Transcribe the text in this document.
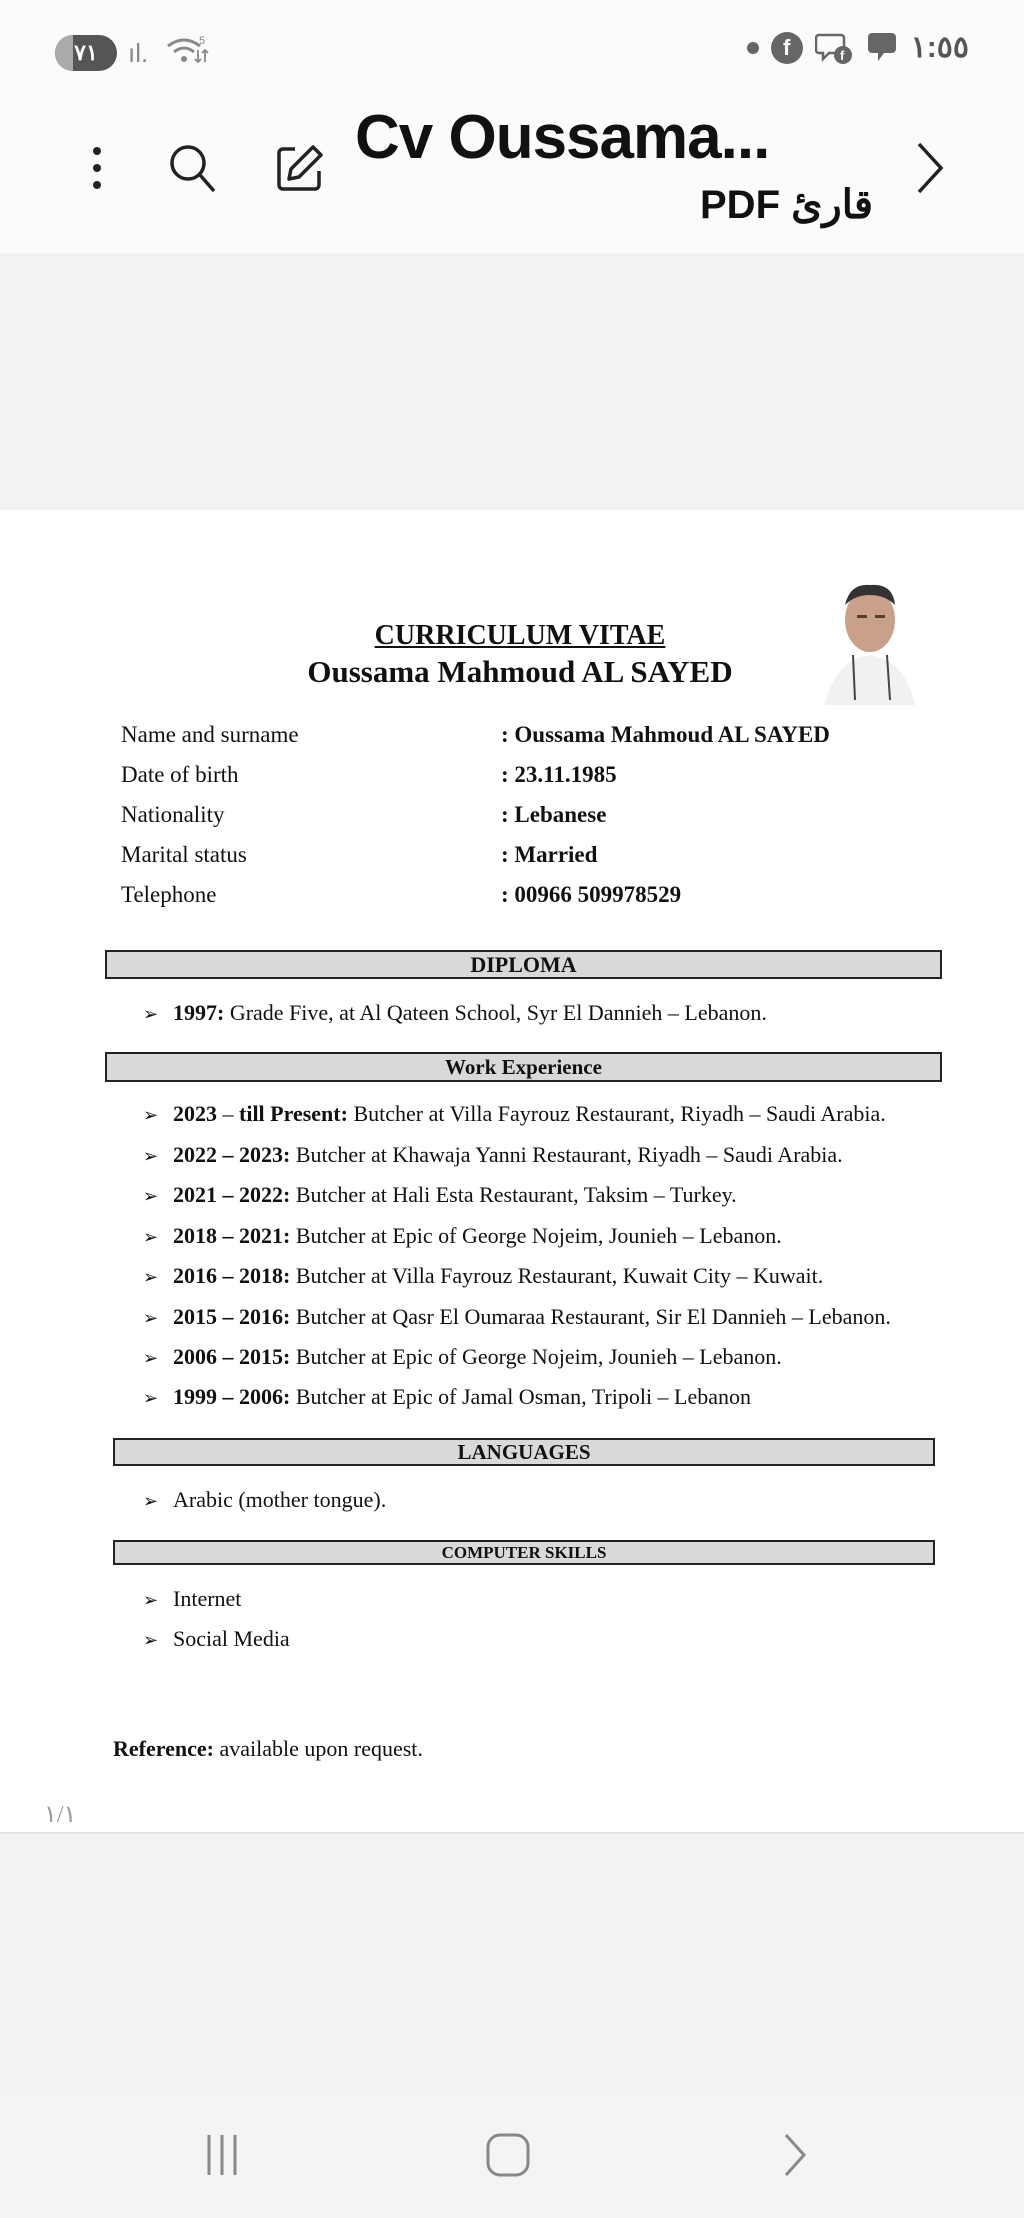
٧١ ıl.	5	f	f ١:٥٥
Cv Oussama...
قارئ PDF
CURRICULUM VITAE
Oussama Mahmoud AL SAYED
Name and surname	: Oussama Mahmoud AL SAYED
Date of birth	: 23.11.1985
Nationality	: Lebanese
Marital status	: Married
Telephone	: 00966 509978529
DIPLOMA
➢ 1997: Grade Five, at Al Qateen School, Syr El Dannieh – Lebanon.
Work Experience
➢ 2023 – till Present: Butcher at Villa Fayrouz Restaurant, Riyadh – Saudi Arabia.
➢ 2022 – 2023: Butcher at Khawaja Yanni Restaurant, Riyadh – Saudi Arabia.
➢ 2021 – 2022: Butcher at Hali Esta Restaurant, Taksim – Turkey.
➢ 2018 – 2021: Butcher at Epic of George Nojeim, Jounieh – Lebanon.
➢ 2016 – 2018: Butcher at Villa Fayrouz Restaurant, Kuwait City – Kuwait.
➢ 2015 – 2016: Butcher at Qasr El Oumaraa Restaurant, Sir El Dannieh – Lebanon.
➢ 2006 – 2015: Butcher at Epic of George Nojeim, Jounieh – Lebanon.
➢ 1999 – 2006: Butcher at Epic of Jamal Osman, Tripoli – Lebanon
LANGUAGES
➢ Arabic (mother tongue).
COMPUTER SKILLS
➢ Internet
➢ Social Media
Reference: available upon request.
١/١
